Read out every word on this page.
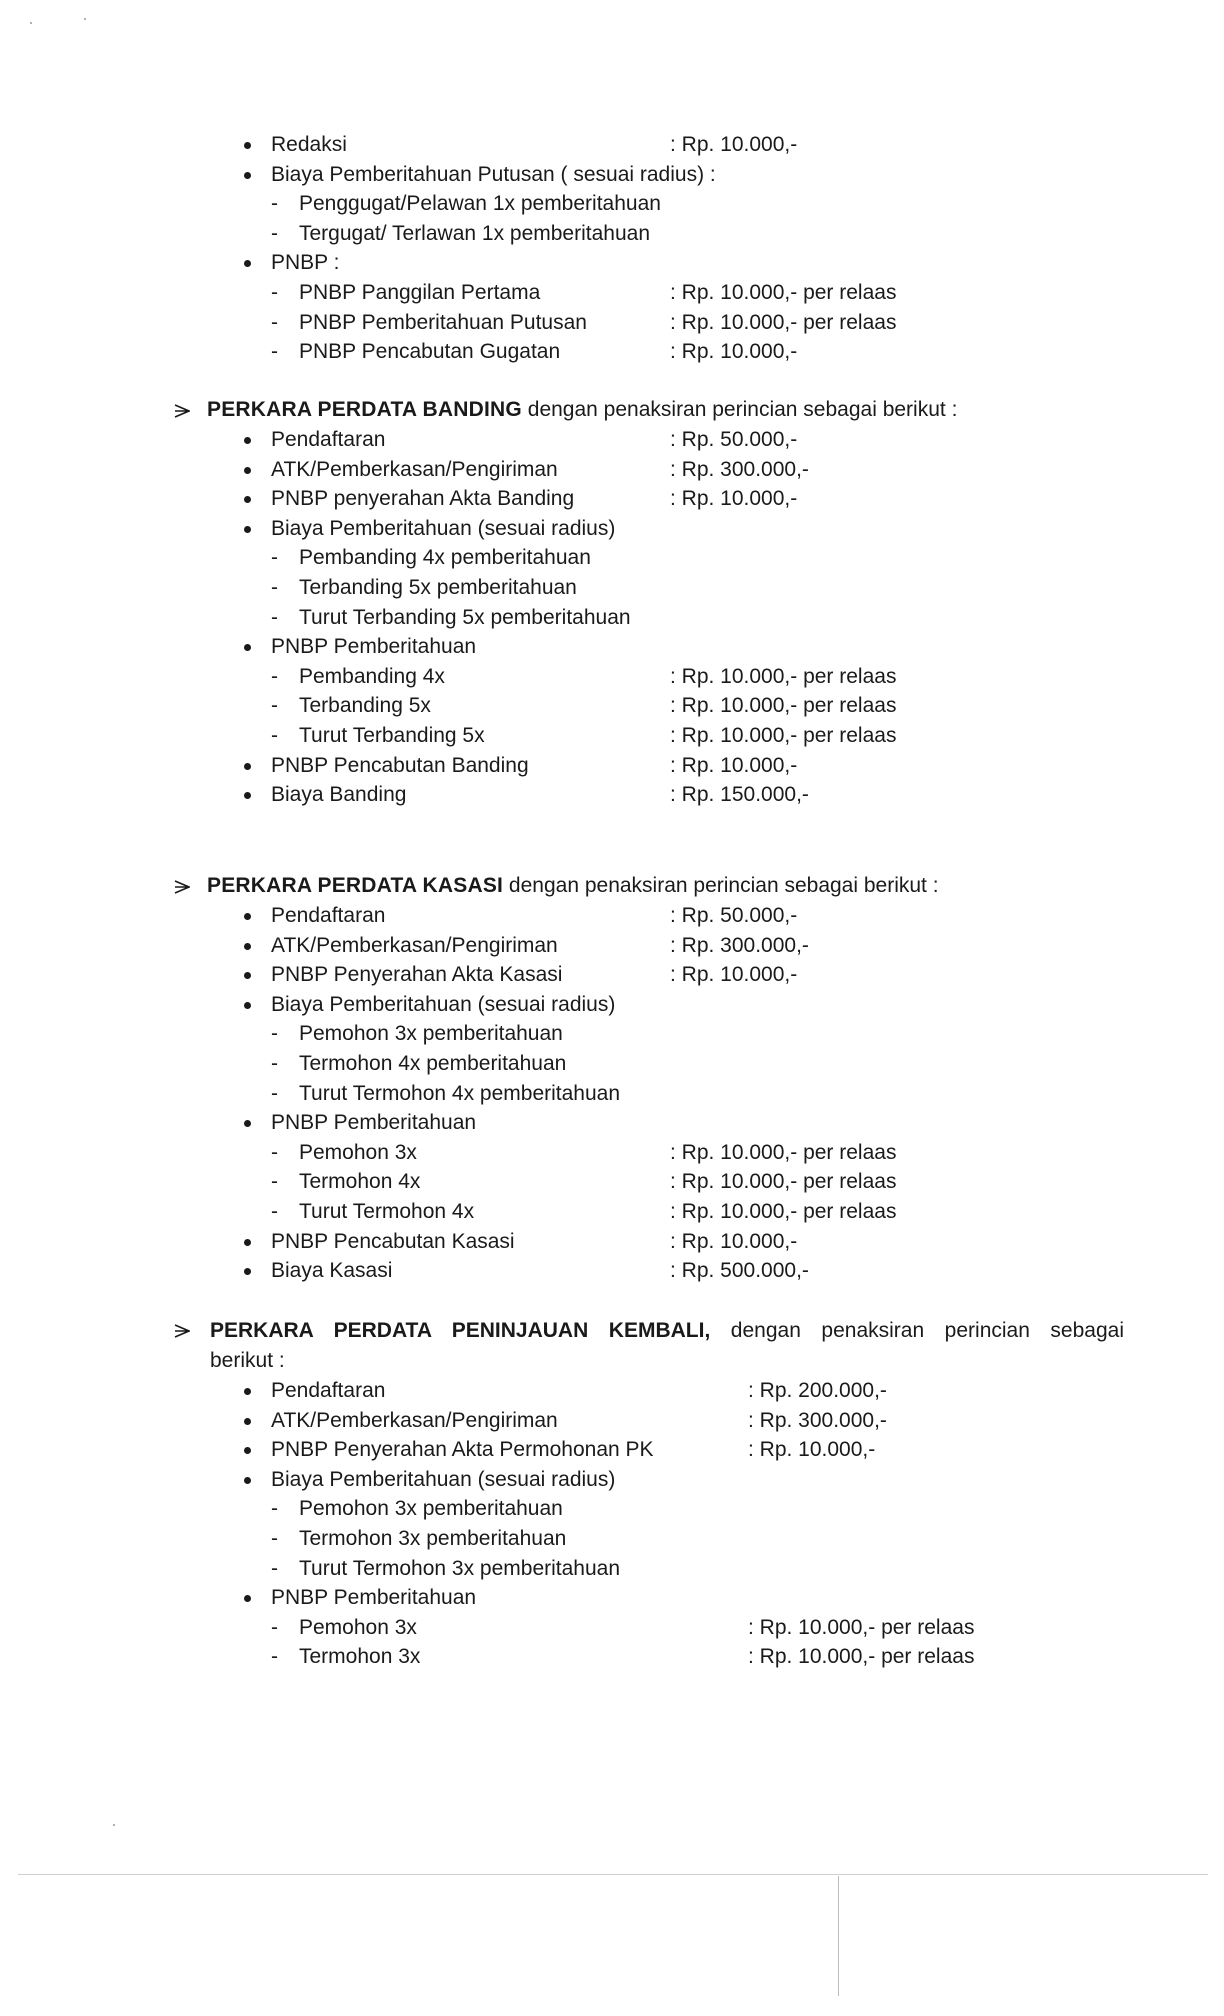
Redaksi	: Rp. 10.000,-
Biaya Pemberitahuan Putusan ( sesuai radius) :
- Penggugat/Pelawan 1x pemberitahuan
- Tergugat/ Terlawan 1x pemberitahuan
PNBP :
- PNBP Panggilan Pertama	: Rp. 10.000,- per relaas
- PNBP Pemberitahuan Putusan	: Rp. 10.000,- per relaas
- PNBP Pencabutan Gugatan	: Rp. 10.000,-
PERKARA PERDATA BANDING dengan penaksiran perincian sebagai berikut :
Pendaftaran	: Rp. 50.000,-
ATK/Pemberkasan/Pengiriman	: Rp. 300.000,-
PNBP penyerahan Akta Banding	: Rp. 10.000,-
Biaya Pemberitahuan (sesuai radius)
- Pembanding 4x pemberitahuan
- Terbanding 5x pemberitahuan
- Turut Terbanding 5x pemberitahuan
PNBP Pemberitahuan
- Pembanding 4x	: Rp. 10.000,- per relaas
- Terbanding 5x	: Rp. 10.000,- per relaas
- Turut Terbanding 5x	: Rp. 10.000,- per relaas
PNBP Pencabutan Banding	: Rp. 10.000,-
Biaya Banding	: Rp. 150.000,-
PERKARA PERDATA KASASI dengan penaksiran perincian sebagai berikut :
Pendaftaran	: Rp. 50.000,-
ATK/Pemberkasan/Pengiriman	: Rp. 300.000,-
PNBP Penyerahan Akta Kasasi	: Rp. 10.000,-
Biaya Pemberitahuan (sesuai radius)
- Pemohon 3x pemberitahuan
- Termohon 4x pemberitahuan
- Turut Termohon 4x pemberitahuan
PNBP Pemberitahuan
- Pemohon 3x	: Rp. 10.000,- per relaas
- Termohon 4x	: Rp. 10.000,- per relaas
- Turut Termohon 4x	: Rp. 10.000,- per relaas
PNBP Pencabutan Kasasi	: Rp. 10.000,-
Biaya Kasasi	: Rp. 500.000,-
PERKARA PERDATA PENINJAUAN KEMBALI, dengan penaksiran perincian sebagai
berikut :
Pendaftaran	: Rp. 200.000,-
ATK/Pemberkasan/Pengiriman	: Rp. 300.000,-
PNBP Penyerahan Akta Permohonan PK	: Rp. 10.000,-
Biaya Pemberitahuan (sesuai radius)
- Pemohon 3x pemberitahuan
- Termohon 3x pemberitahuan
- Turut Termohon 3x pemberitahuan
PNBP Pemberitahuan
- Pemohon 3x	: Rp. 10.000,- per relaas
- Termohon 3x	: Rp. 10.000,- per relaas
